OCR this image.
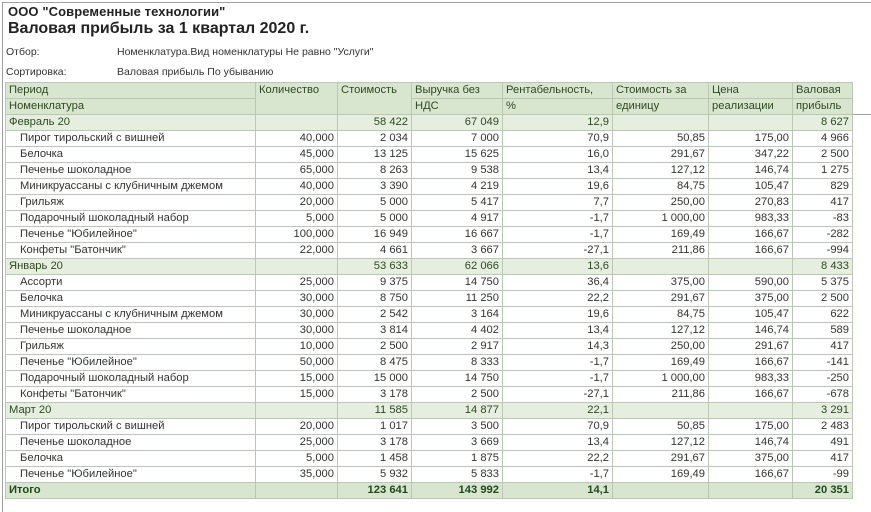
ООО "Современные технологии"
Валовая прибыль за 1 квартал 2020 г.
Отбор:	Номенклатура.Вид номенклатуры Не равно "Услуги"
Сортировка:	Валовая прибыль По убыванию
Период	Количество	Стоимость	Выручка без	Рентабельность,	Стоимость за	Цена	Валовая
Номенклатура			НДС	%	единицу	реализации	прибыль
Февраль 20		58 422	67 049	12,9			8 627
Пирог тирольский с вишней	40,000	2 034	7 000	70,9	50,85	175,00	4 966
Белочка	45,000	13 125	15 625	16,0	291,67	347,22	2 500
Печенье шоколадное	65,000	8 263	9 538	13,4	127,12	146,74	1 275
Миникруассаны с клубничным джемом	40,000	3 390	4 219	19,6	84,75	105,47	829
Грильяж	20,000	5 000	5 417	7,7	250,00	270,83	417
Подарочный шоколадный набор	5,000	5 000	4 917	-1,7	1 000,00	983,33	-83
Печенье "Юбилейное"	100,000	16 949	16 667	-1,7	169,49	166,67	-282
Конфеты "Батончик"	22,000	4 661	3 667	-27,1	211,86	166,67	-994
Январь 20		53 633	62 066	13,6			8 433
Ассорти	25,000	9 375	14 750	36,4	375,00	590,00	5 375
Белочка	30,000	8 750	11 250	22,2	291,67	375,00	2 500
Миникруассаны с клубничным джемом	30,000	2 542	3 164	19,6	84,75	105,47	622
Печенье шоколадное	30,000	3 814	4 402	13,4	127,12	146,74	589
Грильяж	10,000	2 500	2 917	14,3	250,00	291,67	417
Печенье "Юбилейное"	50,000	8 475	8 333	-1,7	169,49	166,67	-141
Подарочный шоколадный набор	15,000	15 000	14 750	-1,7	1 000,00	983,33	-250
Конфеты "Батончик"	15,000	3 178	2 500	-27,1	211,86	166,67	-678
Март 20		11 585	14 877	22,1			3 291
Пирог тирольский с вишней	20,000	1 017	3 500	70,9	50,85	175,00	2 483
Печенье шоколадное	25,000	3 178	3 669	13,4	127,12	146,74	491
Белочка	5,000	1 458	1 875	22,2	291,67	375,00	417
Печенье "Юбилейное"	35,000	5 932	5 833	-1,7	169,49	166,67	-99
Итого		123 641	143 992	14,1			20 351
